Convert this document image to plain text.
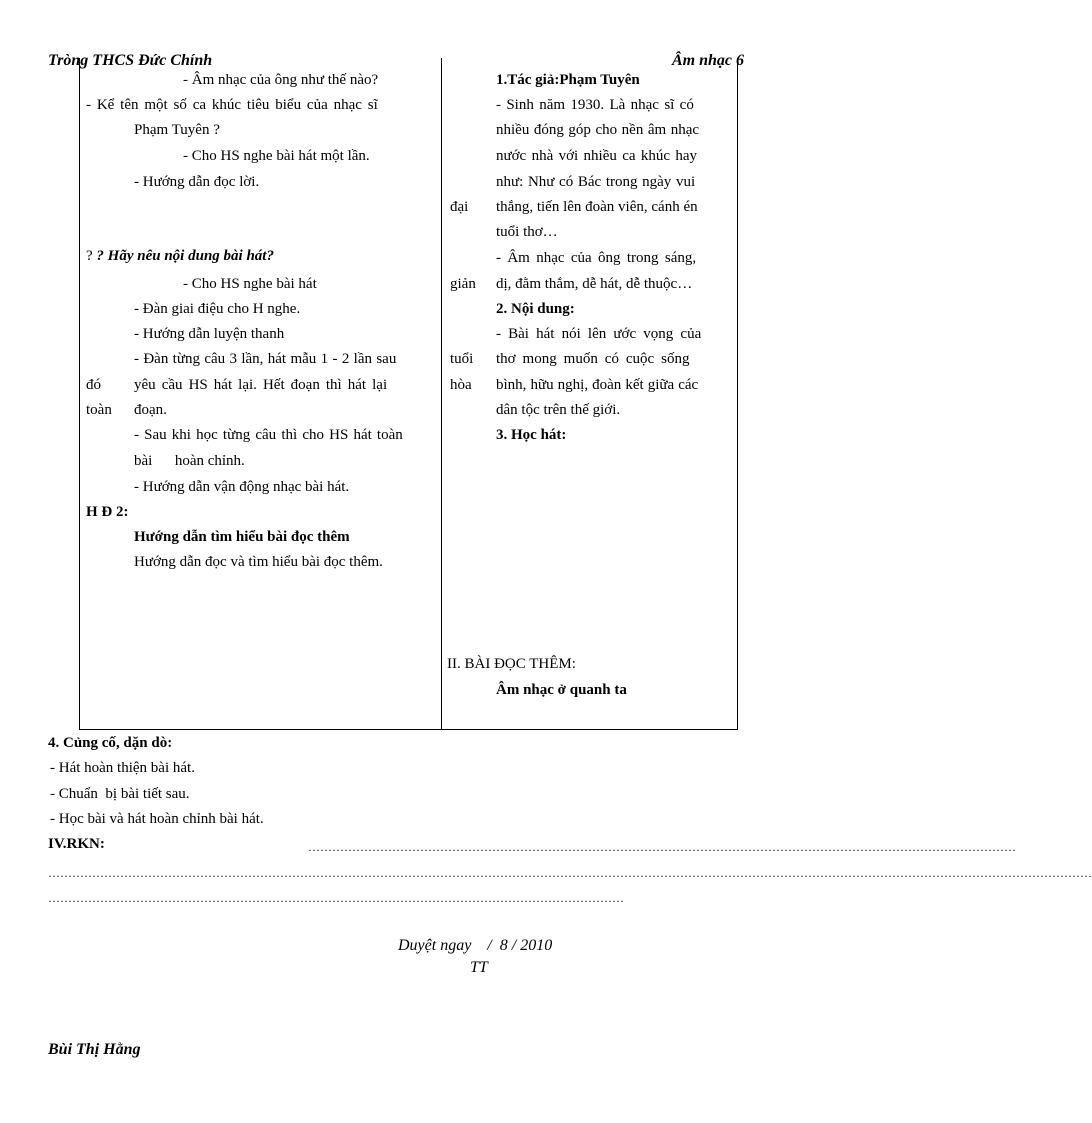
Tròng THCS Đức Chính	Âm nhạc 6
- Âm nhạc của ông như thế nào?
- Kể tên một số ca khúc tiêu biểu của nhạc sĩ
Phạm Tuyên ?
- Cho HS nghe bài hát một lần.
- Hướng dẫn đọc lời.
? ? Hãy nêu nội dung bài hát?
- Cho HS nghe bài hát
- Đàn giai điệu cho H nghe.
- Hướng dẫn luyện thanh
- Đàn từng câu 3 lần, hát mẫu 1 - 2 lần sau
đó yêu cầu HS hát lại. Hết đoạn thì hát lại
toàn đoạn.
- Sau khi học từng câu thì cho HS hát toàn
bài      hoàn chỉnh.
- Hướng dẫn vận động nhạc bài hát.
H Đ 2:
Hướng dẫn tìm hiểu bài đọc thêm
Hướng dẫn đọc và tìm hiểu bài đọc thêm.
1.Tác giả:Phạm Tuyên
- Sinh năm 1930. Là nhạc sĩ có
nhiều đóng góp cho nền âm nhạc
nước nhà với nhiều ca khúc hay
như: Như có Bác trong ngày vui
đại thắng, tiến lên đoàn viên, cánh én
tuổi thơ…
- Âm nhạc của ông trong sáng,
giản dị, đằm thắm, dễ hát, dễ thuộc…
2. Nội dung:
- Bài hát nói lên ước vọng của
tuổi thơ mong muốn có cuộc sống
hòa bình, hữu nghị, đoàn kết giữa các
dân tộc trên thế giới.
3. Học hát:
II. BÀI ĐỌC THÊM:
Âm nhạc ở quanh ta
4. Củng cố, dặn dò:
- Hát hoàn thiện bài hát.
- Chuẩn  bị bài tiết sau.
- Học bài và hát hoàn chỉnh bài hát.
IV.RKN:	……………………………………………………………………………………………………………………………………………………………
………………………………………………………………………………………………………………………………………………………………………………………………………………………………………
………………………………………………………………………………………………………………………………
Duyệt ngay    /  8 / 2010
TT
Bùi Thị Hằng
